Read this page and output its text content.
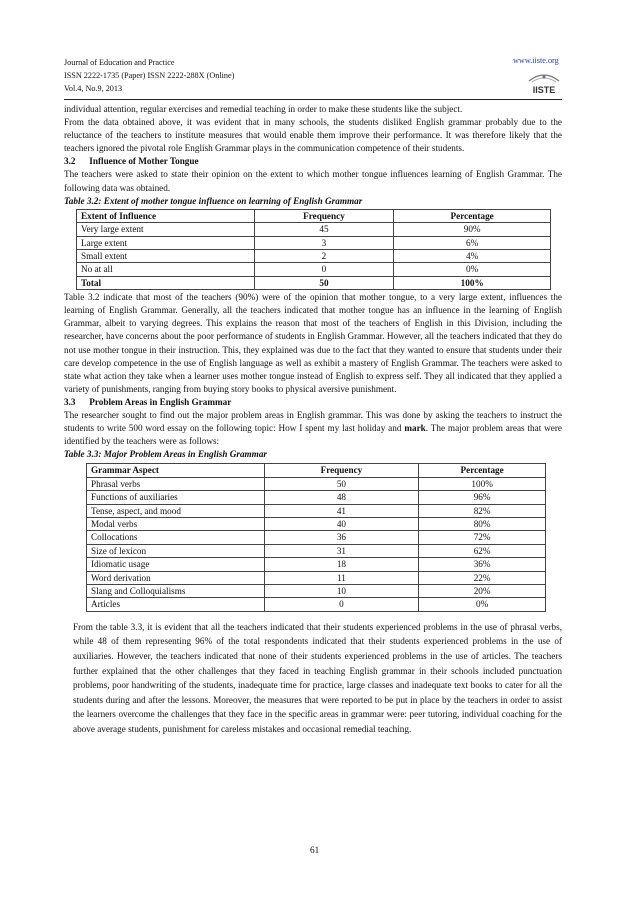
Journal of Education and Practice
ISSN 2222-1735 (Paper) ISSN 2222-288X (Online)
Vol.4, No.9, 2013
www.iiste.org
IISTE

individual attention, regular exercises and remedial teaching in order to make these students like the subject.

From the data obtained above, it was evident that in many schools, the students disliked English grammar probably due to the reluctance of the teachers to institute measures that would enable them improve their performance. It was therefore likely that the teachers ignored the pivotal role English Grammar plays in the communication competence of their students.

3.2      Influence of Mother Tongue

The teachers were asked to state their opinion on the extent to which mother tongue influences learning of English Grammar. The following data was obtained.

Table 3.2: Extent of mother tongue influence on learning of English Grammar

Extent of Influence	Frequency	Percentage
Very large extent	45	90%
Large extent	3	6%
Small extent	2	4%
No at all	0	0%
Total	50	100%

Table 3.2 indicate that most of the teachers (90%) were of the opinion that mother tongue, to a very large extent, influences the learning of English Grammar. Generally, all the teachers indicated that mother tongue has an influence in the learning of English Grammar, albeit to varying degrees. This explains the reason that most of the teachers of English in this Division, including the researcher, have concerns about the poor performance of students in English Grammar. However, all the teachers indicated that they do not use mother tongue in their instruction. This, they explained was due to the fact that they wanted to ensure that students under their care develop competence in the use of English language as well as exhibit a mastery of English Grammar. The teachers were asked to state what action they take when a learner uses mother tongue instead of English to express self. They all indicated that they applied a variety of punishments, ranging from buying story books to physical aversive punishment.

3.3      Problem Areas in English Grammar

The researcher sought to find out the major problem areas in English grammar. This was done by asking the teachers to instruct the students to write 500 word essay on the following topic: How I spent my last holiday and mark. The major problem areas that were identified by the teachers were as follows:

Table 3.3: Major Problem Areas in English Grammar

Grammar Aspect	Frequency	Percentage
Phrasal verbs	50	100%
Functions of auxiliaries	48	96%
Tense, aspect, and mood	41	82%
Modal verbs	40	80%
Collocations	36	72%
Size of lexicon	31	62%
Idiomatic usage	18	36%
Word derivation	11	22%
Slang and Colloquialisms	10	20%
Articles	0	0%

From the table 3.3, it is evident that all the teachers indicated that their students experienced problems in the use of phrasal verbs, while 48 of them representing 96% of the total respondents indicated that their students experienced problems in the use of auxiliaries. However, the teachers indicated that none of their students experienced problems in the use of articles. The teachers further explained that the other challenges that they faced in teaching English grammar in their schools included punctuation problems, poor handwriting of the students, inadequate time for practice, large classes and inadequate text books to cater for all the students during and after the lessons. Moreover, the measures that were reported to be put in place by the teachers in order to assist the learners overcome the challenges that they face in the specific areas in grammar were: peer tutoring, individual coaching for the above average students, punishment for careless mistakes and occasional remedial teaching.

61
